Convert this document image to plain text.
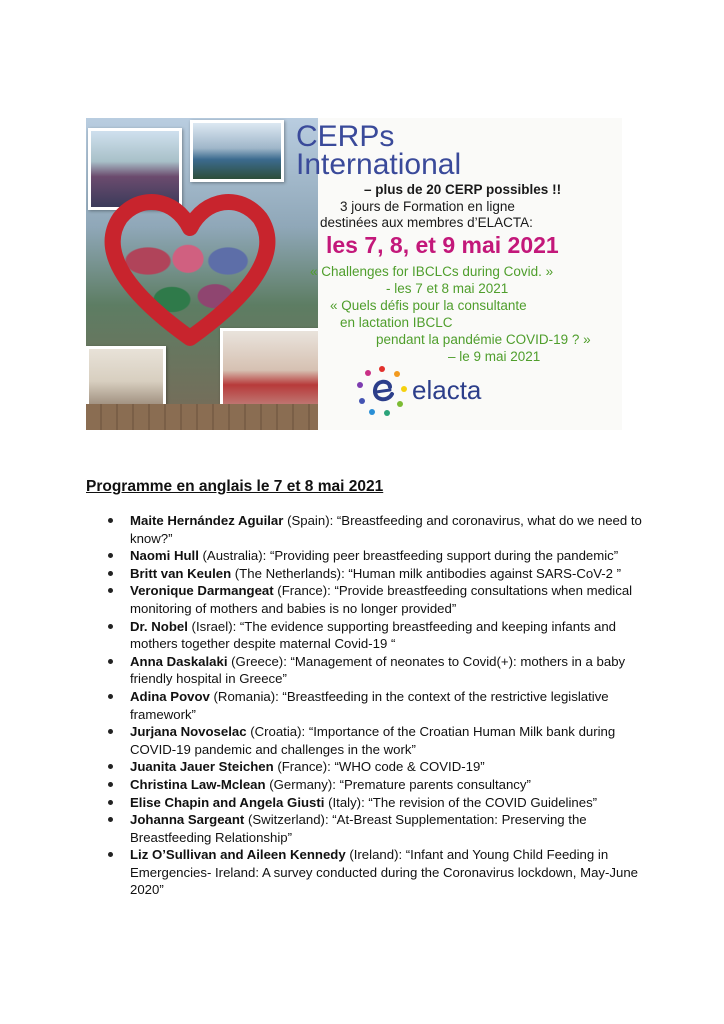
CERPs
International
– plus de 20 CERP possibles !!
3 jours de Formation en ligne
les 7, 8, et 9 mai 2021
destinées aux membres d’ELACTA:
« Challenges for IBCLCs during Covid. »
- les 7 et 8 mai 2021
« Quels défis pour la consultante
en lactation IBCLC
pendant la pandémie COVID-19 ? »
– le 9 mai 2021
elacta
Programme en anglais le 7 et 8 mai 2021
Maite Hernández Aguilar (Spain): “Breastfeeding and coronavirus, what do we need to know?”
Naomi Hull (Australia): “Providing peer breastfeeding support during the pandemic”
Britt van Keulen (The Netherlands): “Human milk antibodies against SARS-CoV-2 ”
Veronique Darmangeat (France): “Provide breastfeeding consultations when medical monitoring of mothers and babies is no longer provided”
Dr. Nobel (Israel): “The evidence supporting breastfeeding and keeping infants and mothers together despite maternal Covid-19 “
Anna Daskalaki (Greece): “Management of neonates to Covid(+): mothers in a baby friendly hospital in Greece”
Adina Povov (Romania): “Breastfeeding in the context of the restrictive legislative framework”
Jurjana Novoselac (Croatia): “Importance of the Croatian Human Milk bank during COVID-19 pandemic and challenges in the work”
Juanita Jauer Steichen (France): “WHO code & COVID-19”
Christina Law-Mclean (Germany): “Premature parents consultancy”
Elise Chapin and Angela Giusti (Italy): “The revision of the COVID Guidelines”
Johanna Sargeant (Switzerland): “At-Breast Supplementation: Preserving the Breastfeeding Relationship”
Liz O’Sullivan and Aileen Kennedy (Ireland): “Infant and Young Child Feeding in Emergencies- Ireland: A survey conducted during the Coronavirus lockdown, May-June 2020”
